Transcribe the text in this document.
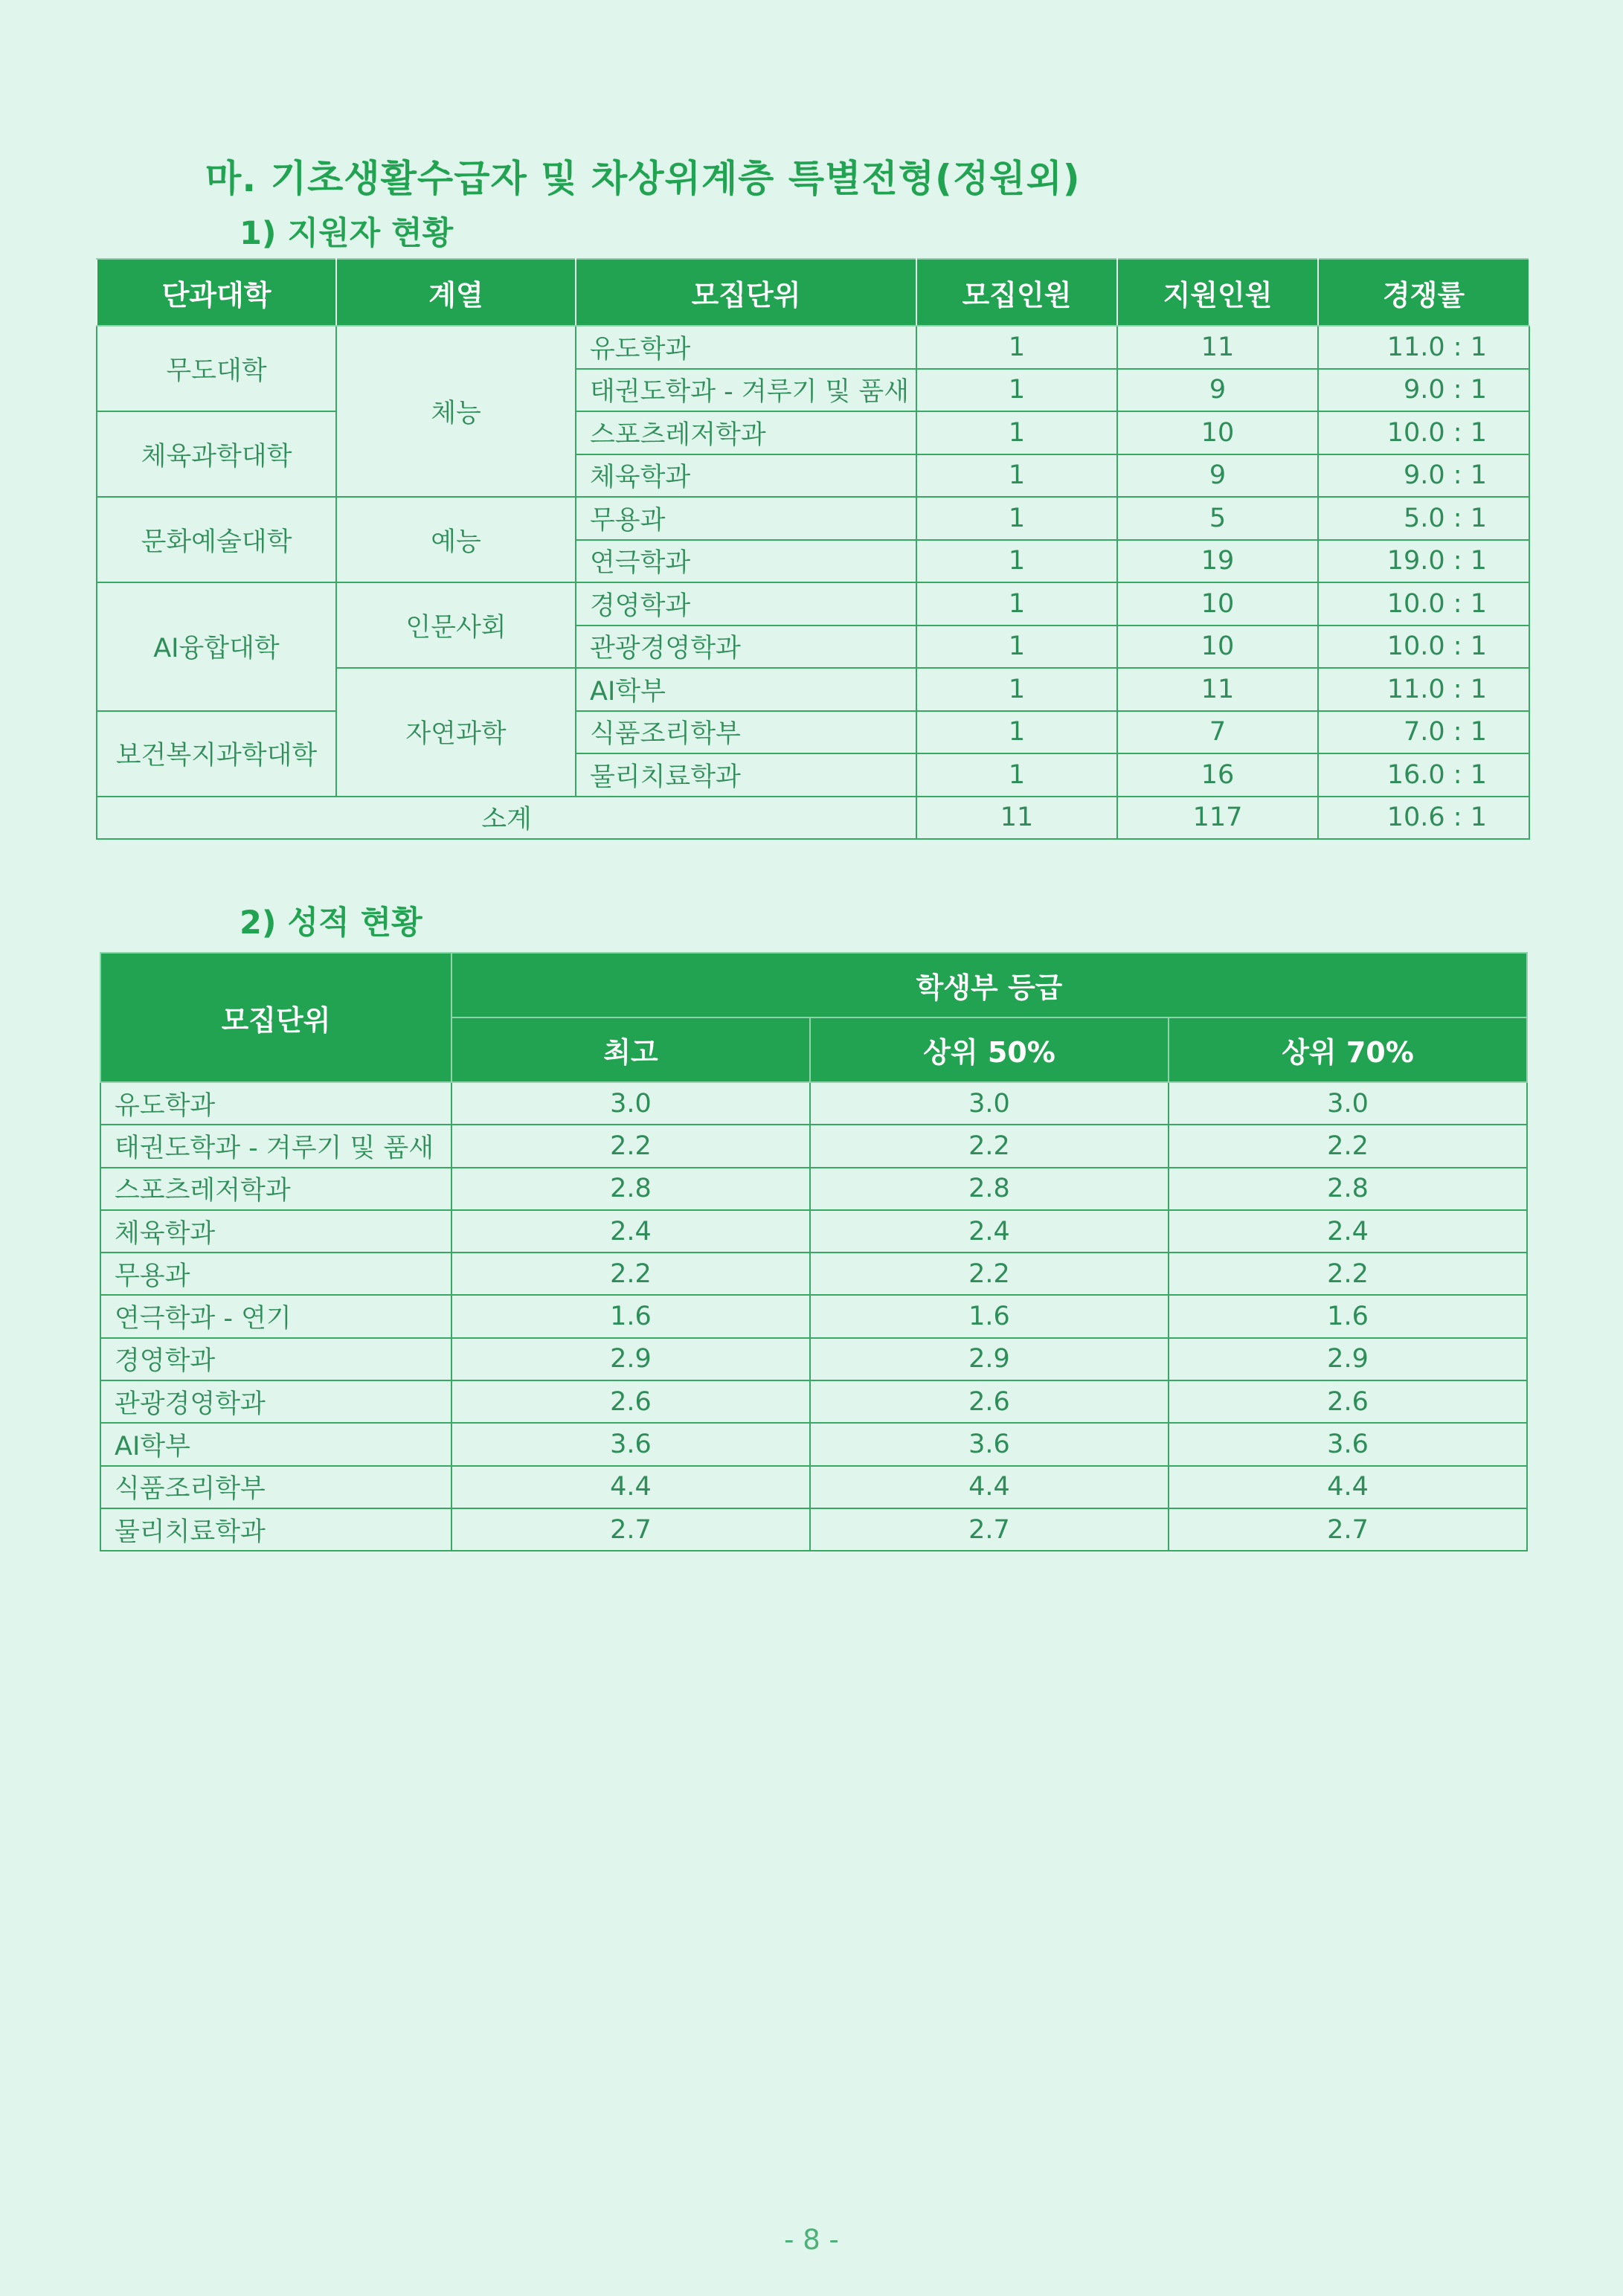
마. 기초생활수급자 및 차상위계층 특별전형(정원외)
1) 지원자 현황
단과대학	계열	모집단위	모집인원	지원인원	경쟁률
무도대학	체능	유도학과	1	11	11.0 : 1
		태권도학과 - 겨루기 및 품새	1	9	9.0 : 1
체육과학대학		스포츠레저학과	1	10	10.0 : 1
		체육학과	1	9	9.0 : 1
문화예술대학	예능	무용과	1	5	5.0 : 1
		연극학과	1	19	19.0 : 1
AI융합대학	인문사회	경영학과	1	10	10.0 : 1
		관광경영학과	1	10	10.0 : 1
	자연과학	AI학부	1	11	11.0 : 1
보건복지과학대학		식품조리학부	1	7	7.0 : 1
		물리치료학과	1	16	16.0 : 1
소계			11	117	10.6 : 1
2) 성적 현황
모집단위	학생부 등급		
	최고	상위 50%	상위 70%
유도학과	3.0	3.0	3.0
태권도학과 - 겨루기 및 품새	2.2	2.2	2.2
스포츠레저학과	2.8	2.8	2.8
체육학과	2.4	2.4	2.4
무용과	2.2	2.2	2.2
연극학과 - 연기	1.6	1.6	1.6
경영학과	2.9	2.9	2.9
관광경영학과	2.6	2.6	2.6
AI학부	3.6	3.6	3.6
식품조리학부	4.4	4.4	4.4
물리치료학과	2.7	2.7	2.7
- 8 -
